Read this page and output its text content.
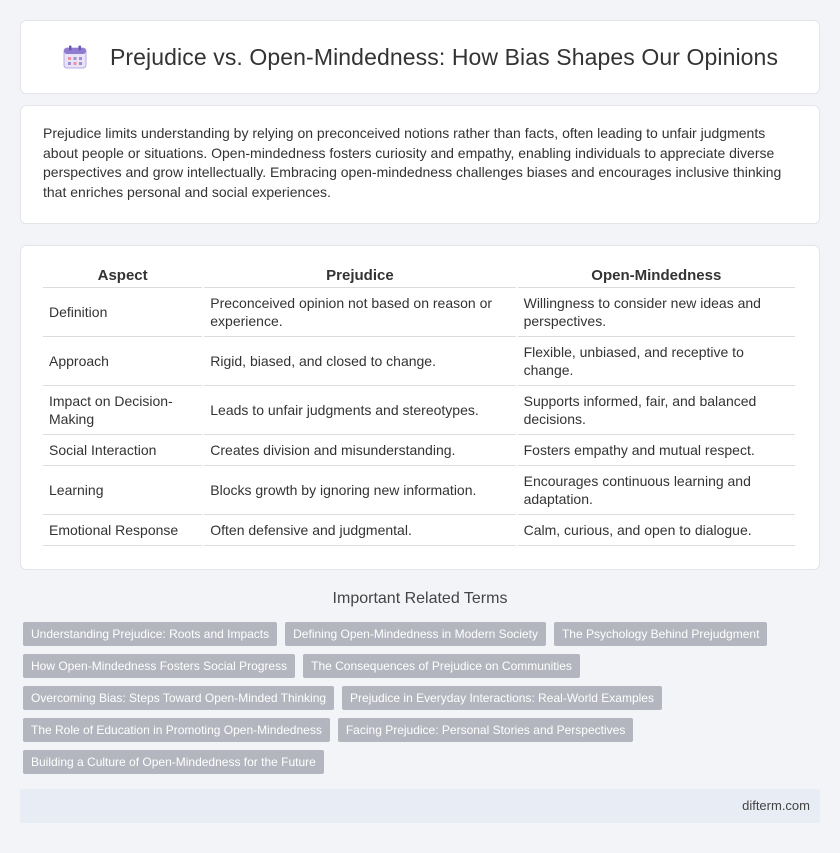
Prejudice vs. Open-Mindedness: How Bias Shapes Our Opinions

Prejudice limits understanding by relying on preconceived notions rather than facts, often leading to unfair judgments about people or situations. Open-mindedness fosters curiosity and empathy, enabling individuals to appreciate diverse perspectives and grow intellectually. Embracing open-mindedness challenges biases and encourages inclusive thinking that enriches personal and social experiences.

Aspect	Prejudice	Open-Mindedness
Definition	Preconceived opinion not based on reason or experience.	Willingness to consider new ideas and perspectives.
Approach	Rigid, biased, and closed to change.	Flexible, unbiased, and receptive to change.
Impact on Decision-Making	Leads to unfair judgments and stereotypes.	Supports informed, fair, and balanced decisions.
Social Interaction	Creates division and misunderstanding.	Fosters empathy and mutual respect.
Learning	Blocks growth by ignoring new information.	Encourages continuous learning and adaptation.
Emotional Response	Often defensive and judgmental.	Calm, curious, and open to dialogue.
Important Related Terms
Understanding Prejudice: Roots and Impacts	Defining Open-Mindedness in Modern Society	The Psychology Behind Prejudgment
How Open-Mindedness Fosters Social Progress	The Consequences of Prejudice on Communities
Overcoming Bias: Steps Toward Open-Minded Thinking	Prejudice in Everyday Interactions: Real-World Examples
The Role of Education in Promoting Open-Mindedness	Facing Prejudice: Personal Stories and Perspectives
Building a Culture of Open-Mindedness for the Future
difterm.com
